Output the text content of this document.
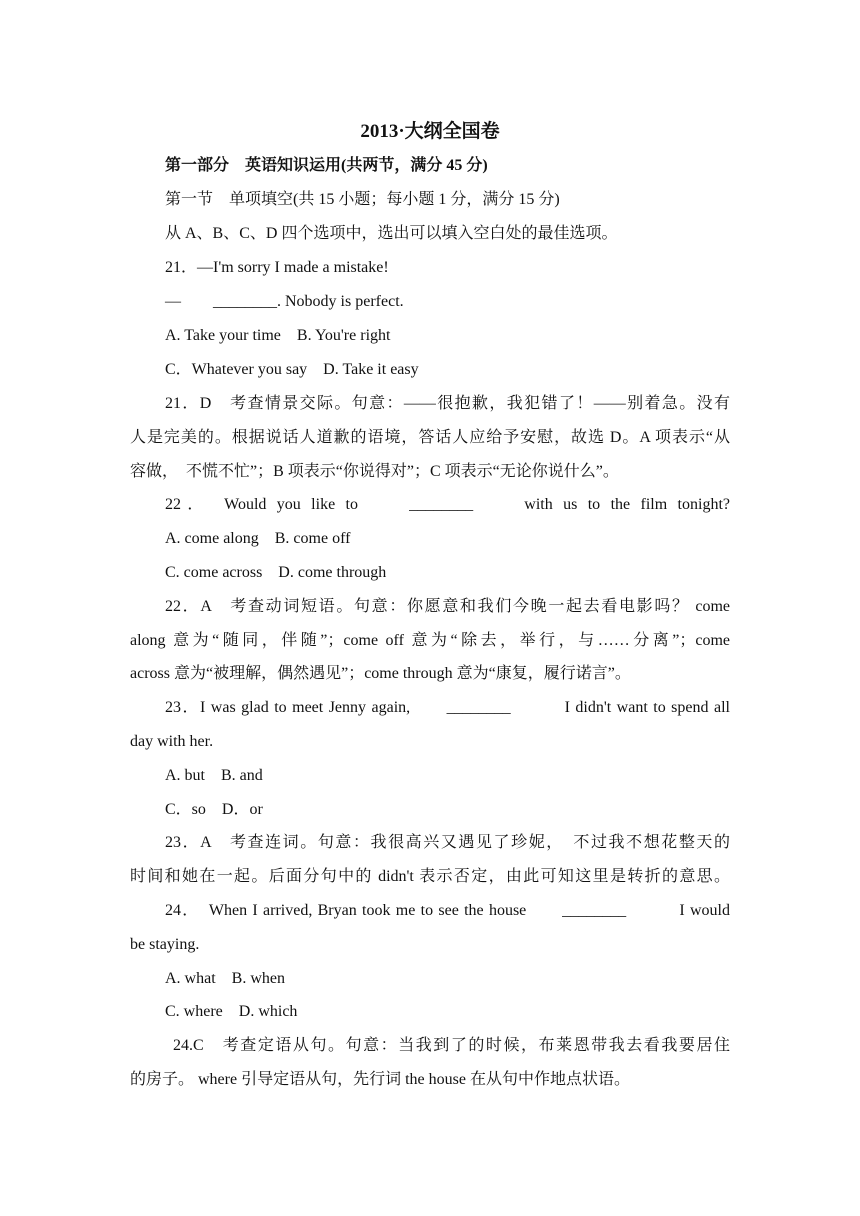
2013·大纲全国卷
第一部分　英语知识运用(共两节，满分 45 分)
第一节　单项填空(共 15 小题；每小题 1 分，满分 15 分)
从 A、B、C、D 四个选项中，选出可以填入空白处的最佳选项。
21．—I'm sorry I made a mistake!
—　　________. Nobody is perfect.
A. Take your time　B. You're right
C．Whatever you say　D. Take it easy
21．D　考查情景交际。句意：——很抱歉，我犯错了！——别着急。没有
人是完美的。根据说话人道歉的语境，答话人应给予安慰，故选 D。A 项表示“从
容做，　不慌不忙”；B 项表示“你说得对”；C 项表示“无论你说什么”。
22．　Would you like to　　________　　with us to the film tonight?
A. come along　B. come off
C. come across　D. come through
22．A　考查动词短语。句意：你愿意和我们今晚一起去看电影吗？ come
along 意为“随同，伴随”；come off 意为“除去，举行，与……分离”；come
across 意为“被理解，偶然遇见”；come through 意为“康复，履行诺言”。
23．I was glad to meet Jenny again,　　________　　　I didn't want to spend all
day with her.
A. but　B. and
C．so　D．or
23．A　考查连词。句意：我很高兴又遇见了珍妮，　不过我不想花整天的
时间和她在一起。后面分句中的 didn't 表示否定，由此可知这里是转折的意思。
24．　When I arrived, Bryan took me to see the house　　________　　　I would
be staying.
A. what　B. when
C. where　D. which
24.C　考查定语从句。句意：当我到了的时候，布莱恩带我去看我要居住
的房子。 where 引导定语从句，先行词 the house 在从句中作地点状语。
